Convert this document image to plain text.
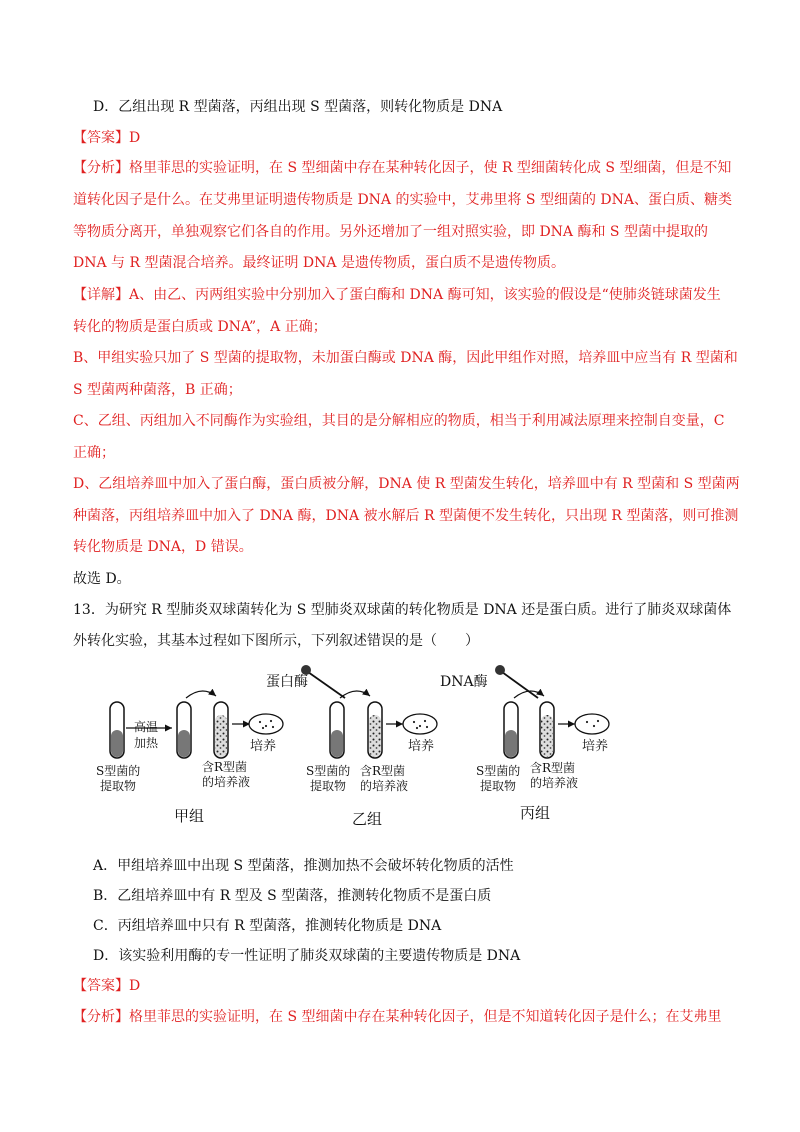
D．乙组出现 R 型菌落，丙组出现 S 型菌落，则转化物质是 DNA
【答案】D
【分析】格里菲思的实验证明，在 S 型细菌中存在某种转化因子，使 R 型细菌转化成 S 型细菌，但是不知
道转化因子是什么。在艾弗里证明遗传物质是 DNA 的实验中，艾弗里将 S 型细菌的 DNA、蛋白质、糖类
等物质分离开，单独观察它们各自的作用。另外还增加了一组对照实验，即 DNA 酶和 S 型菌中提取的
DNA 与 R 型菌混合培养。最终证明 DNA 是遗传物质，蛋白质不是遗传物质。
【详解】A、由乙、丙两组实验中分别加入了蛋白酶和 DNA 酶可知，该实验的假设是“使肺炎链球菌发生
转化的物质是蛋白质或 DNA”，A 正确；
B、甲组实验只加了 S 型菌的提取物，未加蛋白酶或 DNA 酶，因此甲组作对照，培养皿中应当有 R 型菌和
S 型菌两种菌落，B 正确；
C、乙组、丙组加入不同酶作为实验组，其目的是分解相应的物质，相当于利用减法原理来控制自变量，C
正确；
D、乙组培养皿中加入了蛋白酶，蛋白质被分解，DNA 使 R 型菌发生转化，培养皿中有 R 型菌和 S 型菌两
种菌落，丙组培养皿中加入了 DNA 酶，DNA 被水解后 R 型菌便不发生转化，只出现 R 型菌落，则可推测
转化物质是 DNA，D 错误。
故选 D。
13．为研究 R 型肺炎双球菌转化为 S 型肺炎双球菌的转化物质是 DNA 还是蛋白质。进行了肺炎双球菌体
外转化实验，其基本过程如下图所示，下列叙述错误的是（　　）
高温
加热
S型菌的
提取物
含R型菌
的培养液
培养
蛋白酶
S型菌的
提取物
含R型菌
的培养液
培养
DNA酶
S型菌的
提取物
含R型菌
的培养液
培养
甲组	乙组	丙组
A．甲组培养皿中出现 S 型菌落，推测加热不会破坏转化物质的活性
B．乙组培养皿中有 R 型及 S 型菌落，推测转化物质不是蛋白质
C．丙组培养皿中只有 R 型菌落，推测转化物质是 DNA
D．该实验利用酶的专一性证明了肺炎双球菌的主要遗传物质是 DNA
【答案】D
【分析】格里菲思的实验证明，在 S 型细菌中存在某种转化因子，但是不知道转化因子是什么；在艾弗里
